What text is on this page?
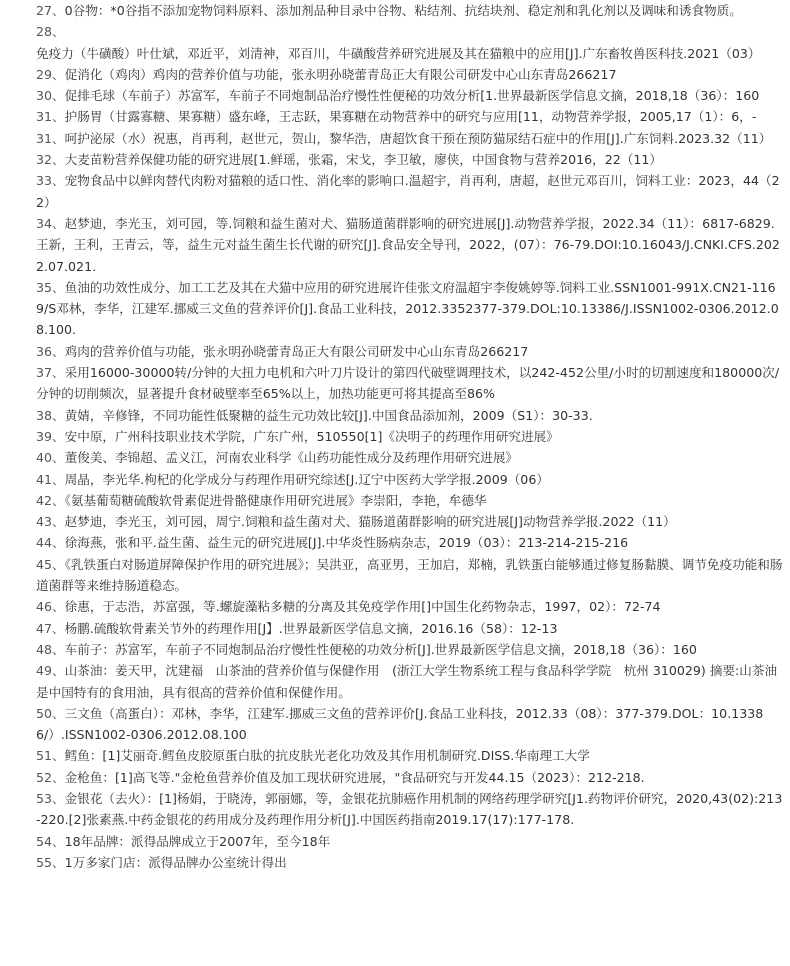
27、0谷物：*0谷指不添加宠物饲料原料、添加剂品种目录中谷物、粘结剂、抗结块剂、稳定剂和乳化剂以及调味和诱食物质。

28、免疫力（牛磺酸）叶仕斌，邓近平，刘清神，邓百川，牛磺酸营养研究进展及其在猫粮中的应用[J].广东畜牧兽医科技.2021（03）

29、促消化（鸡肉）鸡肉的营养价值与功能，张永明孙晓蕾青岛正大有限公司研发中心山东青岛266217

30、促排毛球（车前子）苏富军，车前子不同炮制品治疗慢性性便秘的功效分析[1.世界最新医学信息文摘，2018,18（36）：160

31、护肠胃（甘露寡糖、果寡糖）盛东峰，王志跃，果寡糖在动物营养中的研究与应用[11，动物营养学报，2005,17（1）：6，-

31、呵护泌尿（水）祝惠，肖再利，赵世元，贺山，黎华浩，唐超饮食干预在预防猫尿结石症中的作用[J].广东饲料.2023.32（11）

32、大麦苗粉营养保健功能的研究进展[1.鲜瑶，张霜，宋戈，李卫敏，廖侠，中国食物与营养2016，22（11）

33、宠物食品中以鲜肉替代肉粉对猫粮的适口性、消化率的影响口.温超宇，肖再利，唐超，赵世元邓百川，饲料工业：2023，44（22）

34、赵梦迪，李光玉，刘可园，等.饲粮和益生菌对犬、猫肠道菌群影响的研究进展[J].动物营养学报，2022.34（11）：6817-6829.王新，王利，王青云，等，益生元对益生菌生长代谢的研究[J].食品安全导刊，2022，(07）：76-79.DOI:10.16043/J.CNKI.CFS.2022.07.021.

35、鱼油的功效性成分、加工工艺及其在犬猫中应用的研究进展许佳张文府温超宇李俊姚婷等.饲料工业.SSN1001-991X.CN21-1169/S邓林，李华，江建军.挪威三文鱼的营养评价[J].食品工业科技，2012.3352377-379.DOL:10.13386/J.ISSN1002-0306.2012.08.100.

36、鸡肉的营养价值与功能，张永明孙晓蕾青岛正大有限公司研发中心山东青岛266217

37、采用16000-30000转/分钟的大扭力电机和六叶刀片设计的第四代破壁调理技术，以242-452公里/小时的切割速度和180000次/分钟的切削频次，显著提升食材破壁率至65%以上，加热功能更可将其提高至86%

38、黄婧，辛修锋，不同功能性低聚糖的益生元功效比较[J].中国食品添加剂，2009（S1）：30-33.

39、安中原，广州科技职业技术学院，广东广州，510550[1]《决明子的药理作用研究进展》

40、董俊美、李锦超、孟义江，河南农业科学《山药功能性成分及药理作用研究进展》

41、周晶，李光华.枸杞的化学成分与药理作用研究综述[J.辽宁中医药大学学报.2009（06）

42、《氨基葡萄糖硫酸软骨素促进骨骼健康作用研究进展》李崇阳，李艳，牟德华

43、赵梦迪，李光玉，刘可园，周宁.饲粮和益生菌对犬、猫肠道菌群影响的研究进展[J]动物营养学报.2022（11）

44、徐海燕，张和平.益生菌、益生元的研究进展[J].中华炎性肠病杂志，2019（03）：213-214-215-216

45、《乳铁蛋白对肠道屏障保护作用的研究进展》；吴洪亚，高亚男，王加启，郑楠，乳铁蛋白能够通过修复肠黏膜、调节免疫功能和肠道菌群等来维持肠道稳态。

46、徐惠，于志浩，苏富强，等.螺旋藻粘多糖的分离及其免疫学作用[]中国生化药物杂志，1997，02）：72-74

47、杨鹏.硫酸软骨素关节外的药理作用[J】.世界最新医学信息文摘，2016.16（58）：12-13

48、车前子：苏富军，车前子不同炮制品治疗慢性性便秘的功效分析[J].世界最新医学信息文摘，2018,18（36）：160

49、山茶油：姜天甲，沈建福　山茶油的营养价值与保健作用　(浙江大学生物系统工程与食品科学学院　杭州 310029) 摘要:山茶油是中国特有的食用油，具有很高的营养价值和保健作用。

50、三文鱼（高蛋白）：邓林，李华，江建军.挪威三文鱼的营养评价[J.食品工业科技，2012.33（08）：377-379.DOL：10.13386/）.ISSN1002-0306.2012.08.100

51、鳕鱼：[1]艾丽奇.鳕鱼皮胶原蛋白肽的抗皮肤光老化功效及其作用机制研究.DISS.华南理工大学

52、金枪鱼：[1]高飞等."金枪鱼营养价值及加工现状研究进展，"食品研究与开发44.15（2023）：212-218.

53、金银花（去火）：[1]杨娟，于晓涛，郭丽娜，等，金银花抗肺癌作用机制的网络药理学研究[J1.药物评价研究，2020,43(02):213-220.[2]张素燕.中药金银花的药用成分及药理作用分析[J].中国医药指南2019.17(17):177-178.

54、18年品牌：派得品牌成立于2007年，至今18年

55、1万多家门店：派得品牌办公室统计得出
